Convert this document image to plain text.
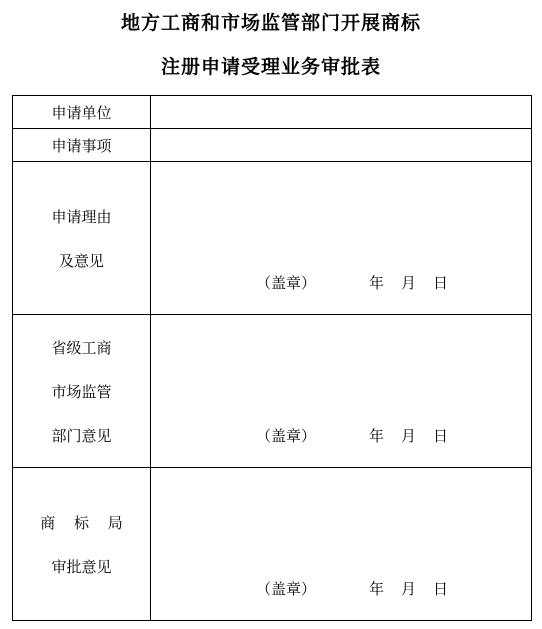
地方工商和市场监管部门开展商标
注册申请受理业务审批表
申请单位	
申请事项	

申请理由
及意见	（盖章） 年 月 日

省级工商
市场监管
部门意见	（盖章） 年 月 日

商 标 局
审批意见	（盖章） 年 月 日
